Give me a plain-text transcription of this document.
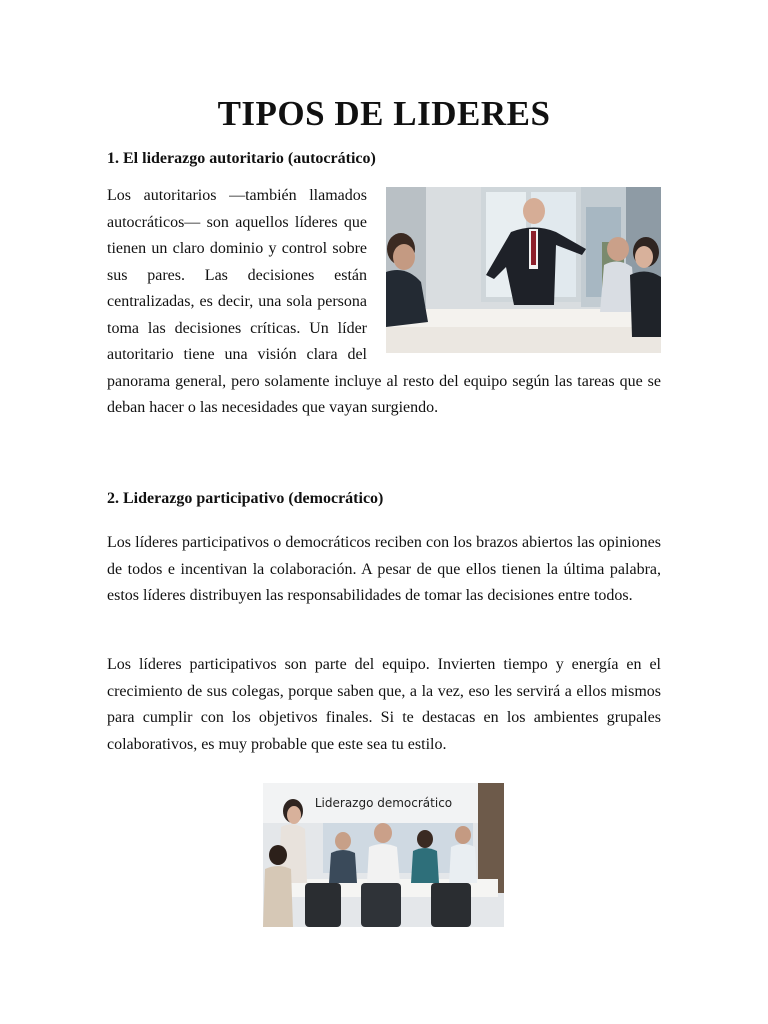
TIPOS DE LIDERES
1. El liderazgo autoritario (autocrático)
Los autoritarios —también llamados autocráticos— son aquellos líderes que tienen un claro dominio y control sobre sus pares. Las decisiones están centralizadas, es decir, una sola persona toma las decisiones críticas. Un líder autoritario tiene una visión clara del panorama general, pero solamente incluye al resto del equipo según las tareas que se deban hacer o las necesidades que vayan surgiendo.
2. Liderazgo participativo (democrático)

Los líderes participativos o democráticos reciben con los brazos abiertos las opiniones de todos e incentivan la colaboración. A pesar de que ellos tienen la última palabra, estos líderes distribuyen las responsabilidades de tomar las decisiones entre todos.

Los líderes participativos son parte del equipo. Invierten tiempo y energía en el crecimiento de sus colegas, porque saben que, a la vez, eso les servirá a ellos mismos para cumplir con los objetivos finales. Si te destacas en los ambientes grupales colaborativos, es muy probable que este sea tu estilo.

Liderazgo democrático
